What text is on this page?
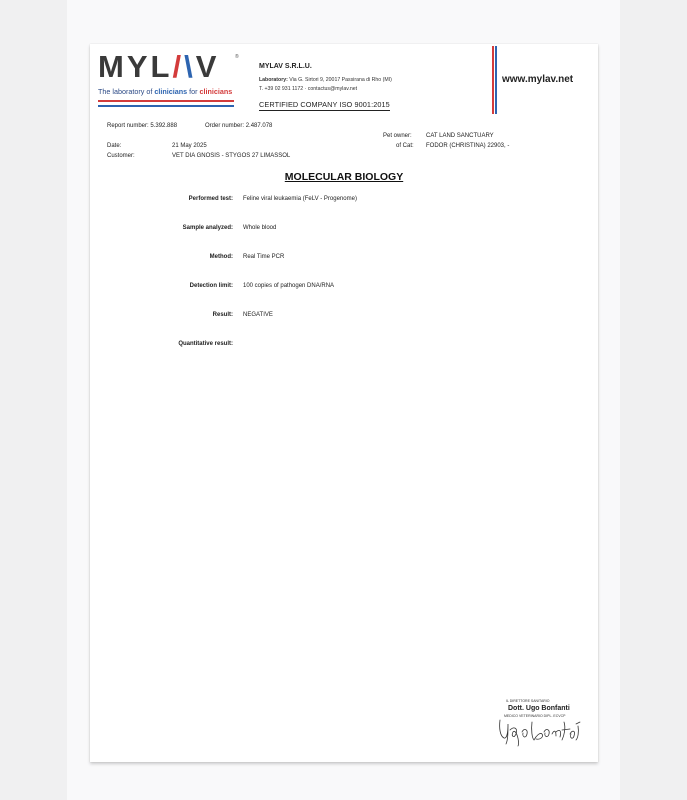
MYL/\V	®
The laboratory of clinicians for clinicians
MYLAV S.R.L.U.
Laboratory: Via G. Sirtori 9, 20017 Passirana di Rho (MI)
T. +39 02 931 1172 · contactus@mylav.net
CERTIFIED COMPANY ISO 9001:2015
www.mylav.net
Report number: 5.392.888	Order number: 2.487.078
Pet owner: CAT LAND SANCTUARY
Date:	21 May 2025	of Cat: FODOR (CHRISTINA) 22903, -
Customer:	VET DIA GNOSIS - STYGOS 27 LIMASSOL
MOLECULAR BIOLOGY
Performed test: Feline viral leukaemia (FeLV - Progenome)
Sample analyzed: Whole blood
Method: Real Time PCR
Detection limit: 100 copies of pathogen DNA/RNA
Result: NEGATIVE
Quantitative result:
IL DIRETTORE SANITARIO
Dott. Ugo Bonfanti
MEDICO VETERINARIO DIPL. ECVCP
